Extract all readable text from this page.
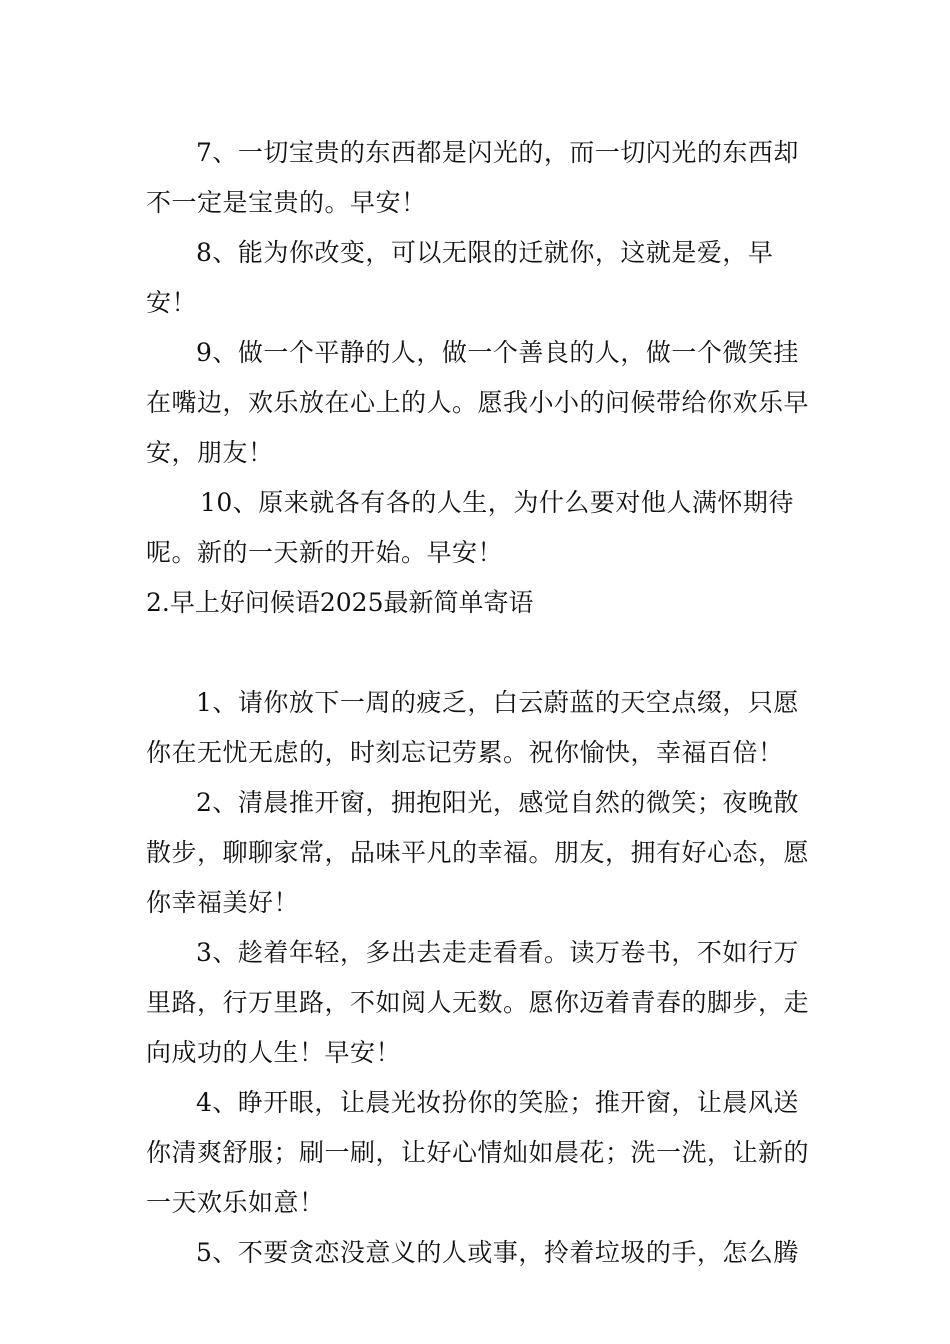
7、一切宝贵的东西都是闪光的，而一切闪光的东西却不一定是宝贵的。早安！

8、能为你改变，可以无限的迁就你，这就是爱，早安！

9、做一个平静的人，做一个善良的人，做一个微笑挂在嘴边，欢乐放在心上的人。愿我小小的问候带给你欢乐早安，朋友！

10、原来就各有各的人生，为什么要对他人满怀期待呢。新的一天新的开始。早安！

2.早上好问候语2025最新简单寄语

1、请你放下一周的疲乏，白云蔚蓝的天空点缀，只愿你在无忧无虑的，时刻忘记劳累。祝你愉快，幸福百倍！

2、清晨推开窗，拥抱阳光，感觉自然的微笑；夜晚散散步，聊聊家常，品味平凡的幸福。朋友，拥有好心态，愿你幸福美好！

3、趁着年轻，多出去走走看看。读万卷书，不如行万里路，行万里路，不如阅人无数。愿你迈着青春的脚步，走向成功的人生！早安！

4、睁开眼，让晨光妆扮你的笑脸；推开窗，让晨风送你清爽舒服；刷一刷，让好心情灿如晨花；洗一洗，让新的一天欢乐如意！

5、不要贪恋没意义的人或事，拎着垃圾的手，怎么腾
